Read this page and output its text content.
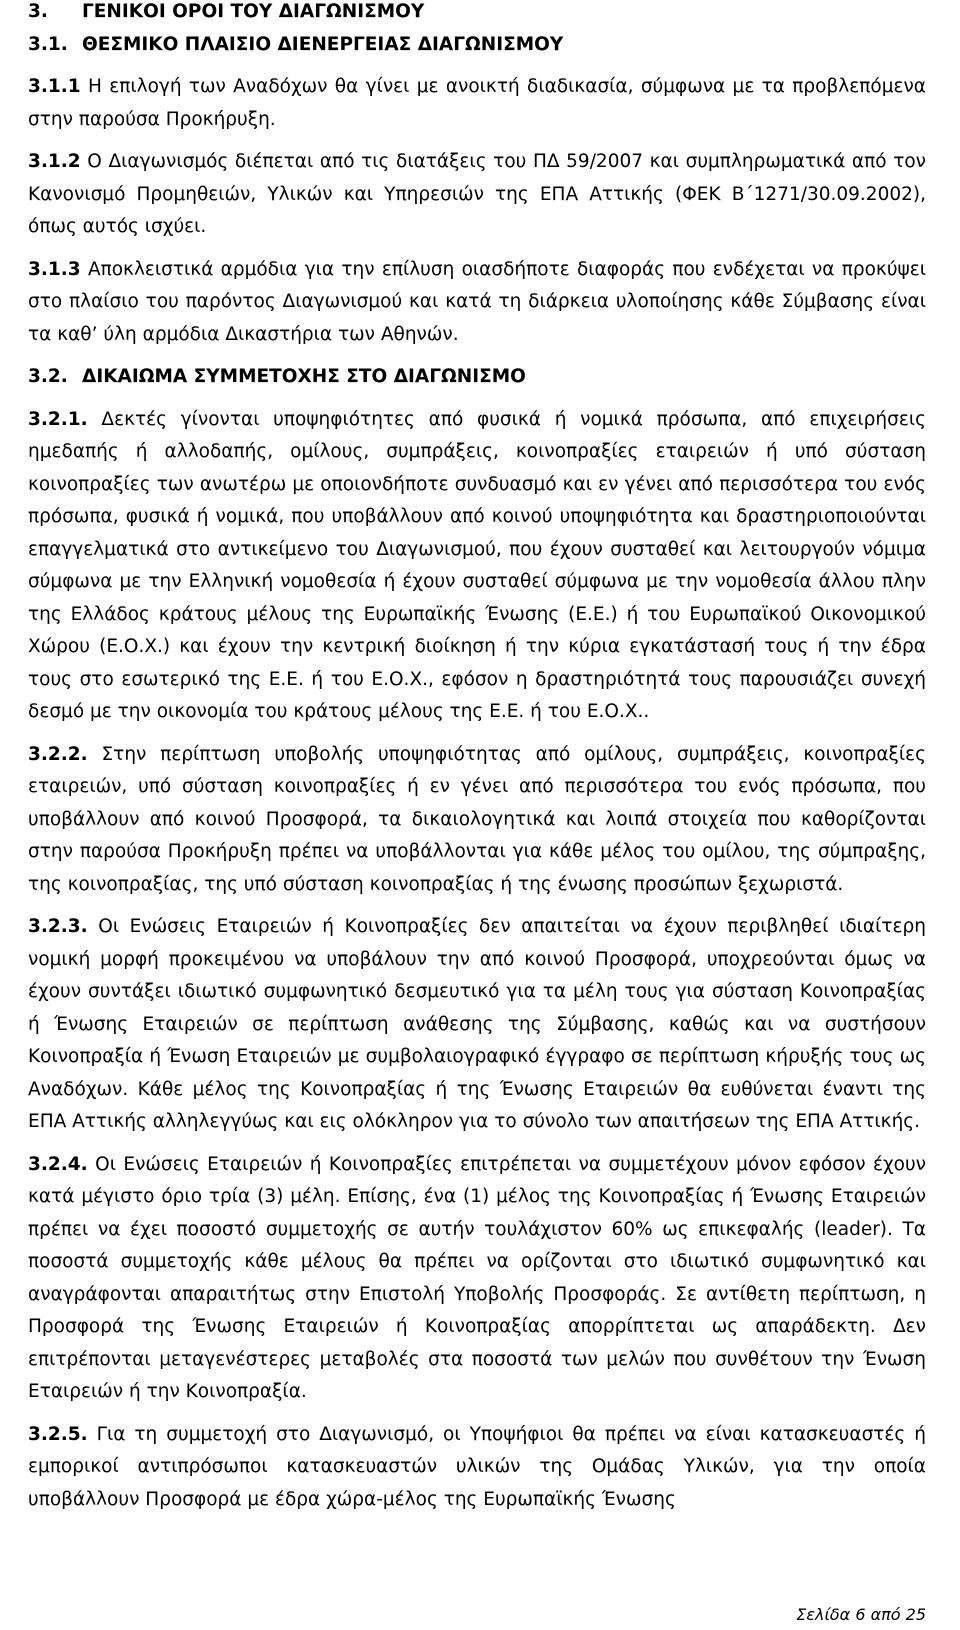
3. ΓΕΝΙΚΟΙ ΟΡΟΙ ΤΟΥ ΔΙΑΓΩΝΙΣΜΟΥ
3.1. ΘΕΣΜΙΚΟ ΠΛΑΙΣΙΟ ΔΙΕΝΕΡΓΕΙΑΣ ΔΙΑΓΩΝΙΣΜΟΥ

3.1.1 Η επιλογή των Αναδόχων θα γίνει με ανοικτή διαδικασία, σύμφωνα με τα προβλεπόμενα στην παρούσα Προκήρυξη.

3.1.2 Ο Διαγωνισμός διέπεται από τις διατάξεις του ΠΔ 59/2007 και συμπληρωματικά από τον Κανονισμό Προμηθειών, Υλικών και Υπηρεσιών της ΕΠΑ Αττικής (ΦΕΚ Β΄1271/30.09.2002), όπως αυτός ισχύει.

3.1.3 Αποκλειστικά αρμόδια για την επίλυση οιασδήποτε διαφοράς που ενδέχεται να προκύψει στο πλαίσιο του παρόντος Διαγωνισμού και κατά τη διάρκεια υλοποίησης κάθε Σύμβασης είναι τα καθ’ ύλη αρμόδια Δικαστήρια των Αθηνών.

3.2. ΔΙΚΑΙΩΜΑ ΣΥΜΜΕΤΟΧΗΣ ΣΤΟ ΔΙΑΓΩΝΙΣΜΟ

3.2.1. Δεκτές γίνονται υποψηφιότητες από φυσικά ή νομικά πρόσωπα, από επιχειρήσεις ημεδαπής ή αλλοδαπής, ομίλους, συμπράξεις, κοινοπραξίες εταιρειών ή υπό σύσταση κοινοπραξίες των ανωτέρω με οποιονδήποτε συνδυασμό και εν γένει από περισσότερα του ενός πρόσωπα, φυσικά ή νομικά, που υποβάλλουν από κοινού υποψηφιότητα και δραστηριοποιούνται επαγγελματικά στο αντικείμενο του Διαγωνισμού, που έχουν συσταθεί και λειτουργούν νόμιμα σύμφωνα με την Ελληνική νομοθεσία ή έχουν συσταθεί σύμφωνα με την νομοθεσία άλλου πλην της Ελλάδος κράτους μέλους της Ευρωπαϊκής Ένωσης (Ε.Ε.) ή του Ευρωπαϊκού Οικονομικού Χώρου (Ε.Ο.Χ.) και έχουν την κεντρική διοίκηση ή την κύρια εγκατάστασή τους ή την έδρα τους στο εσωτερικό της Ε.Ε. ή του Ε.Ο.Χ., εφόσον η δραστηριότητά τους παρουσιάζει συνεχή δεσμό με την οικονομία του κράτους μέλους της Ε.Ε. ή του Ε.Ο.Χ..

3.2.2. Στην περίπτωση υποβολής υποψηφιότητας από ομίλους, συμπράξεις, κοινοπραξίες εταιρειών, υπό σύσταση κοινοπραξίες ή εν γένει από περισσότερα του ενός πρόσωπα, που υποβάλλουν από κοινού Προσφορά, τα δικαιολογητικά και λοιπά στοιχεία που καθορίζονται στην παρούσα Προκήρυξη πρέπει να υποβάλλονται για κάθε μέλος του ομίλου, της σύμπραξης, της κοινοπραξίας, της υπό σύσταση κοινοπραξίας ή της ένωσης προσώπων ξεχωριστά.

3.2.3. Οι Ενώσεις Εταιρειών ή Κοινοπραξίες δεν απαιτείται να έχουν περιβληθεί ιδιαίτερη νομική μορφή προκειμένου να υποβάλουν την από κοινού Προσφορά, υποχρεούνται όμως να έχουν συντάξει ιδιωτικό συμφωνητικό δεσμευτικό για τα μέλη τους για σύσταση Κοινοπραξίας ή Ένωσης Εταιρειών σε περίπτωση ανάθεσης της Σύμβασης, καθώς και να συστήσουν Κοινοπραξία ή Ένωση Εταιρειών με συμβολαιογραφικό έγγραφο σε περίπτωση κήρυξής τους ως Αναδόχων. Κάθε μέλος της Κοινοπραξίας ή της Ένωσης Εταιρειών θα ευθύνεται έναντι της ΕΠΑ Αττικής αλληλεγγύως και εις ολόκληρον για το σύνολο των απαιτήσεων της ΕΠΑ Αττικής.

3.2.4. Οι Ενώσεις Εταιρειών ή Κοινοπραξίες επιτρέπεται να συμμετέχουν μόνον εφόσον έχουν κατά μέγιστο όριο τρία (3) μέλη. Επίσης, ένα (1) μέλος της Κοινοπραξίας ή Ένωσης Εταιρειών πρέπει να έχει ποσοστό συμμετοχής σε αυτήν τουλάχιστον 60% ως επικεφαλής (leader). Τα ποσοστά συμμετοχής κάθε μέλους θα πρέπει να ορίζονται στο ιδιωτικό συμφωνητικό και αναγράφονται απαραιτήτως στην Επιστολή Υποβολής Προσφοράς. Σε αντίθετη περίπτωση, η Προσφορά της Ένωσης Εταιρειών ή Κοινοπραξίας απορρίπτεται ως απαράδεκτη. Δεν επιτρέπονται μεταγενέστερες μεταβολές στα ποσοστά των μελών που συνθέτουν την Ένωση Εταιρειών ή την Κοινοπραξία.

3.2.5. Για τη συμμετοχή στο Διαγωνισμό, οι Υποψήφιοι θα πρέπει να είναι κατασκευαστές ή εμπορικοί αντιπρόσωποι κατασκευαστών υλικών της Ομάδας Υλικών, για την οποία υποβάλλουν Προσφορά με έδρα χώρα-μέλος της Ευρωπαϊκής Ένωσης

Σελίδα 6 από 25
